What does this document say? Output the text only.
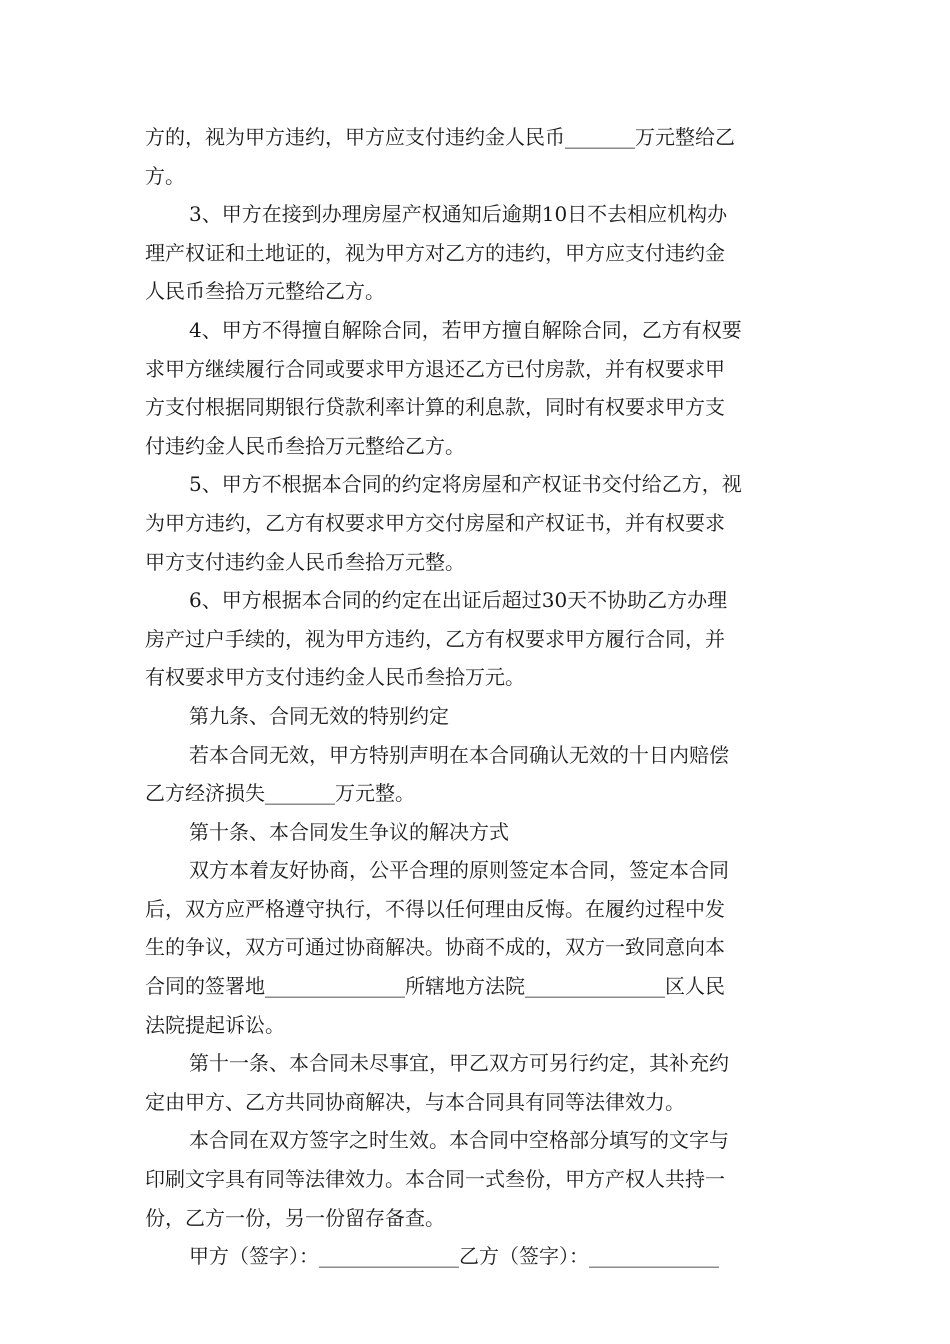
方的，视为甲方违约，甲方应支付违约金人民币_______万元整给乙
方。
3、甲方在接到办理房屋产权通知后逾期10日不去相应机构办
理产权证和土地证的，视为甲方对乙方的违约，甲方应支付违约金
人民币叁拾万元整给乙方。
4、甲方不得擅自解除合同，若甲方擅自解除合同，乙方有权要
求甲方继续履行合同或要求甲方退还乙方已付房款，并有权要求甲
方支付根据同期银行贷款利率计算的利息款，同时有权要求甲方支
付违约金人民币叁拾万元整给乙方。
5、甲方不根据本合同的约定将房屋和产权证书交付给乙方，视
为甲方违约，乙方有权要求甲方交付房屋和产权证书，并有权要求
甲方支付违约金人民币叁拾万元整。
6、甲方根据本合同的约定在出证后超过30天不协助乙方办理
房产过户手续的，视为甲方违约，乙方有权要求甲方履行合同，并
有权要求甲方支付违约金人民币叁拾万元。
第九条、合同无效的特别约定
若本合同无效，甲方特别声明在本合同确认无效的十日内赔偿
乙方经济损失_______万元整。
第十条、本合同发生争议的解决方式
双方本着友好协商，公平合理的原则签定本合同，签定本合同
后，双方应严格遵守执行，不得以任何理由反悔。在履约过程中发
生的争议，双方可通过协商解决。协商不成的，双方一致同意向本
合同的签署地______________所辖地方法院______________区人民
法院提起诉讼。
第十一条、本合同未尽事宜，甲乙双方可另行约定，其补充约
定由甲方、乙方共同协商解决，与本合同具有同等法律效力。
本合同在双方签字之时生效。本合同中空格部分填写的文字与
印刷文字具有同等法律效力。本合同一式叁份，甲方产权人共持一
份，乙方一份，另一份留存备查。
甲方（签字）：______________乙方（签字）：_____________
